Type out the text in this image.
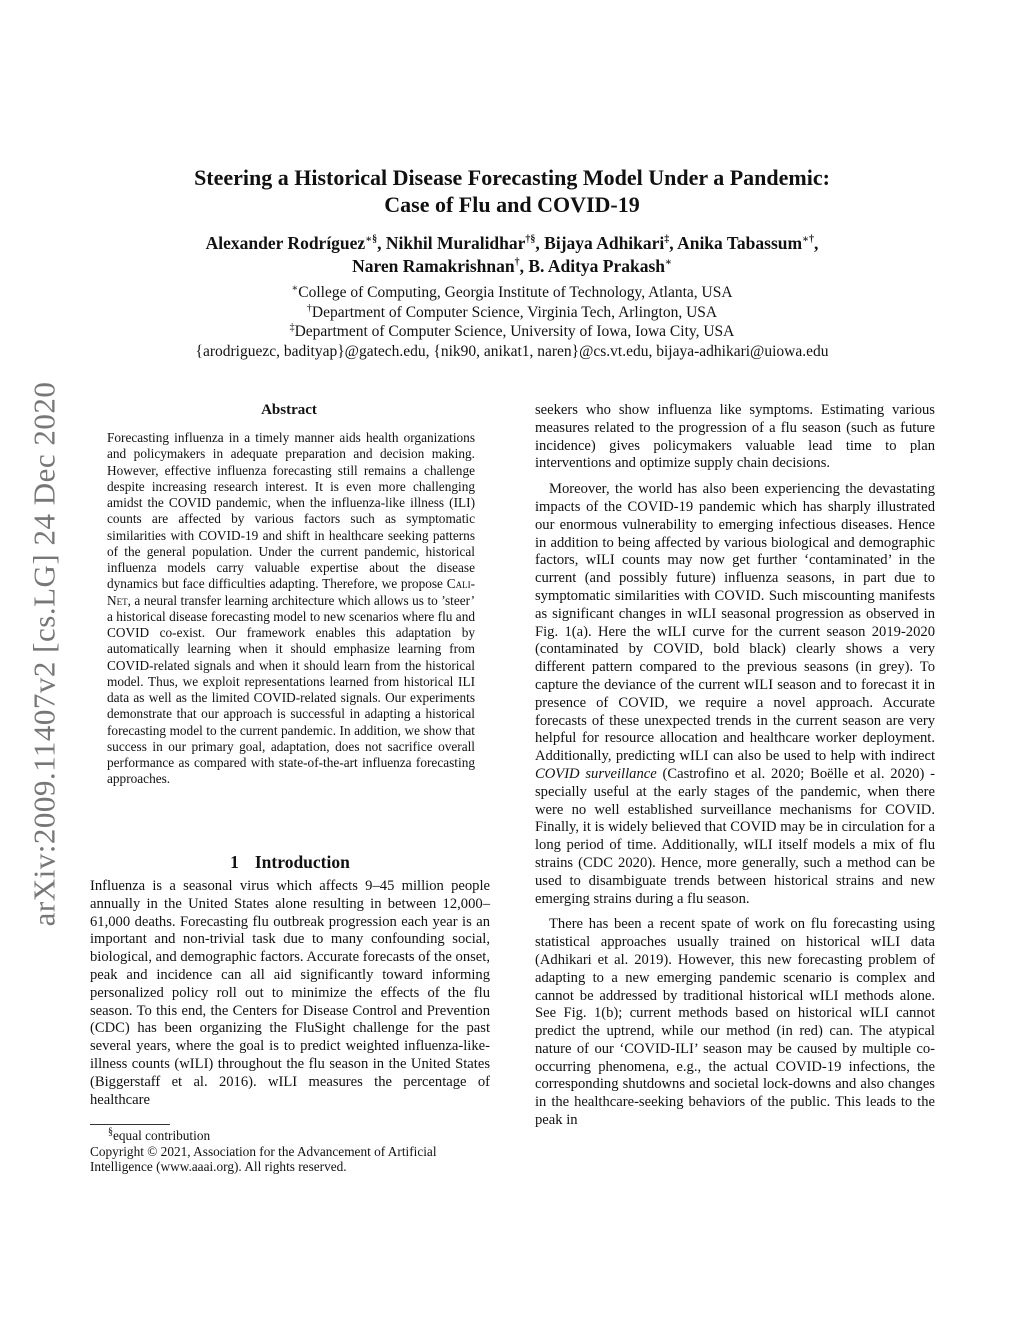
arXiv:2009.11407v2 [cs.LG] 24 Dec 2020
Steering a Historical Disease Forecasting Model Under a Pandemic:
Case of Flu and COVID-19
Alexander Rodríguez∗§, Nikhil Muralidhar†§, Bijaya Adhikari‡, Anika Tabassum∗†,
Naren Ramakrishnan†, B. Aditya Prakash∗
∗College of Computing, Georgia Institute of Technology, Atlanta, USA
†Department of Computer Science, Virginia Tech, Arlington, USA
‡Department of Computer Science, University of Iowa, Iowa City, USA
{arodriguezc, badityap}@gatech.edu, {nik90, anikat1, naren}@cs.vt.edu, bijaya-adhikari@uiowa.edu
Abstract
Forecasting influenza in a timely manner aids health organizations and policymakers in adequate preparation and decision making. However, effective influenza forecasting still remains a challenge despite increasing research interest. It is even more challenging amidst the COVID pandemic, when the influenza-like illness (ILI) counts are affected by various factors such as symptomatic similarities with COVID-19 and shift in healthcare seeking patterns of the general population. Under the current pandemic, historical influenza models carry valuable expertise about the disease dynamics but face difficulties adapting. Therefore, we propose Cali-Net, a neural transfer learning architecture which allows us to ’steer’ a historical disease forecasting model to new scenarios where flu and COVID co-exist. Our framework enables this adaptation by automatically learning when it should emphasize learning from COVID-related signals and when it should learn from the historical model. Thus, we exploit representations learned from historical ILI data as well as the limited COVID-related signals. Our experiments demonstrate that our approach is successful in adapting a historical forecasting model to the current pandemic. In addition, we show that success in our primary goal, adaptation, does not sacrifice overall performance as compared with state-of-the-art influenza forecasting approaches.
1 Introduction
Influenza is a seasonal virus which affects 9–45 million people annually in the United States alone resulting in between 12,000–61,000 deaths. Forecasting flu outbreak progression each year is an important and non-trivial task due to many confounding social, biological, and demographic factors. Accurate forecasts of the onset, peak and incidence can all aid significantly toward informing personalized policy roll out to minimize the effects of the flu season. To this end, the Centers for Disease Control and Prevention (CDC) has been organizing the FluSight challenge for the past several years, where the goal is to predict weighted influenza-like-illness counts (wILI) throughout the flu season in the United States (Biggerstaff et al. 2016). wILI measures the percentage of healthcare
§equal contribution
Copyright © 2021, Association for the Advancement of Artificial Intelligence (www.aaai.org). All rights reserved.

seekers who show influenza like symptoms. Estimating various measures related to the progression of a flu season (such as future incidence) gives policymakers valuable lead time to plan interventions and optimize supply chain decisions.

Moreover, the world has also been experiencing the devastating impacts of the COVID-19 pandemic which has sharply illustrated our enormous vulnerability to emerging infectious diseases. Hence in addition to being affected by various biological and demographic factors, wILI counts may now get further ‘contaminated’ in the current (and possibly future) influenza seasons, in part due to symptomatic similarities with COVID. Such miscounting manifests as significant changes in wILI seasonal progression as observed in Fig. 1(a). Here the wILI curve for the current season 2019-2020 (contaminated by COVID, bold black) clearly shows a very different pattern compared to the previous seasons (in grey). To capture the deviance of the current wILI season and to forecast it in presence of COVID, we require a novel approach. Accurate forecasts of these unexpected trends in the current season are very helpful for resource allocation and healthcare worker deployment. Additionally, predicting wILI can also be used to help with indirect COVID surveillance (Castrofino et al. 2020; Boëlle et al. 2020) - specially useful at the early stages of the pandemic, when there were no well established surveillance mechanisms for COVID. Finally, it is widely believed that COVID may be in circulation for a long period of time. Additionally, wILI itself models a mix of flu strains (CDC 2020). Hence, more generally, such a method can be used to disambiguate trends between historical strains and new emerging strains during a flu season.

There has been a recent spate of work on flu forecasting using statistical approaches usually trained on historical wILI data (Adhikari et al. 2019). However, this new forecasting problem of adapting to a new emerging pandemic scenario is complex and cannot be addressed by traditional historical wILI methods alone. See Fig. 1(b); current methods based on historical wILI cannot predict the uptrend, while our method (in red) can. The atypical nature of our ‘COVID-ILI’ season may be caused by multiple co-occurring phenomena, e.g., the actual COVID-19 infections, the corresponding shutdowns and societal lock-downs and also changes in the healthcare-seeking behaviors of the public. This leads to the peak in
